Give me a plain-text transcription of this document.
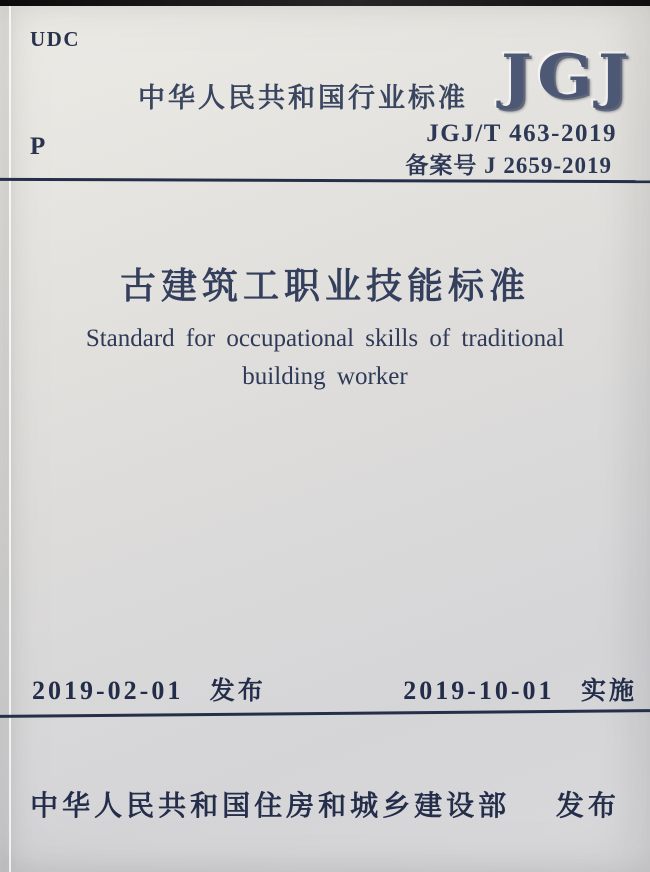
UDC
中华人民共和国行业标准 JGJ
JGJ/T 463-2019
备案号 J 2659-2019
P
古建筑工职业技能标准
Standard for occupational skills of traditional
building worker
2019-02-01 发布	2019-10-01 实施
中华人民共和国住房和城乡建设部 发布
